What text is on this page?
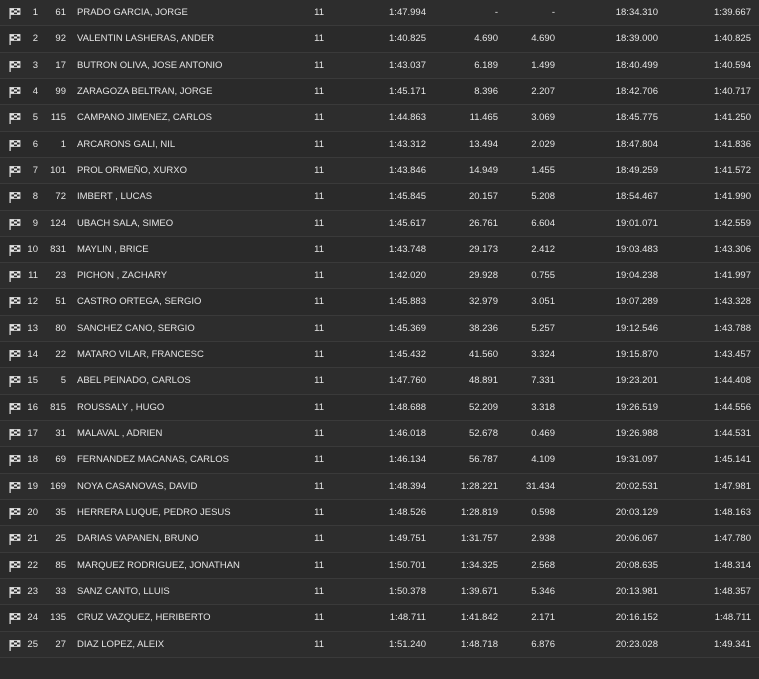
1	61 PRADO GARCIA, JORGE	11	1:47.994	-	-	18:34.310	1:39.667
2	92 VALENTIN LASHERAS, ANDER	11	1:40.825	4.690	4.690	18:39.000	1:40.825
3	17 BUTRON OLIVA, JOSE ANTONIO	11	1:43.037	6.189	1.499	18:40.499	1:40.594
4	99 ZARAGOZA BELTRAN, JORGE	11	1:45.171	8.396	2.207	18:42.706	1:40.717
5	115 CAMPANO JIMENEZ, CARLOS	11	1:44.863	11.465	3.069	18:45.775	1:41.250
6	1 ARCARONS GALI, NIL	11	1:43.312	13.494	2.029	18:47.804	1:41.836
7	101 PROL ORMEÑO, XURXO	11	1:43.846	14.949	1.455	18:49.259	1:41.572
8	72 IMBERT , LUCAS	11	1:45.845	20.157	5.208	18:54.467	1:41.990
9	124 UBACH SALA, SIMEO	11	1:45.617	26.761	6.604	19:01.071	1:42.559
10	831 MAYLIN , BRICE	11	1:43.748	29.173	2.412	19:03.483	1:43.306
11	23 PICHON , ZACHARY	11	1:42.020	29.928	0.755	19:04.238	1:41.997
12	51 CASTRO ORTEGA, SERGIO	11	1:45.883	32.979	3.051	19:07.289	1:43.328
13	80 SANCHEZ CANO, SERGIO	11	1:45.369	38.236	5.257	19:12.546	1:43.788
14	22 MATARO VILAR, FRANCESC	11	1:45.432	41.560	3.324	19:15.870	1:43.457
15	5 ABEL PEINADO, CARLOS	11	1:47.760	48.891	7.331	19:23.201	1:44.408
16	815 ROUSSALY , HUGO	11	1:48.688	52.209	3.318	19:26.519	1:44.556
17	31 MALAVAL , ADRIEN	11	1:46.018	52.678	0.469	19:26.988	1:44.531
18	69 FERNANDEZ MACANAS, CARLOS	11	1:46.134	56.787	4.109	19:31.097	1:45.141
19	169 NOYA CASANOVAS, DAVID	11	1:48.394	1:28.221	31.434	20:02.531	1:47.981
20	35 HERRERA LUQUE, PEDRO JESUS	11	1:48.526	1:28.819	0.598	20:03.129	1:48.163
21	25 DARIAS VAPANEN, BRUNO	11	1:49.751	1:31.757	2.938	20:06.067	1:47.780
22	85 MARQUEZ RODRIGUEZ, JONATHAN	11	1:50.701	1:34.325	2.568	20:08.635	1:48.314
23	33 SANZ CANTO, LLUIS	11	1:50.378	1:39.671	5.346	20:13.981	1:48.357
24	135 CRUZ VAZQUEZ, HERIBERTO	11	1:48.711	1:41.842	2.171	20:16.152	1:48.711
25	27 DIAZ LOPEZ, ALEIX	11	1:51.240	1:48.718	6.876	20:23.028	1:49.341
